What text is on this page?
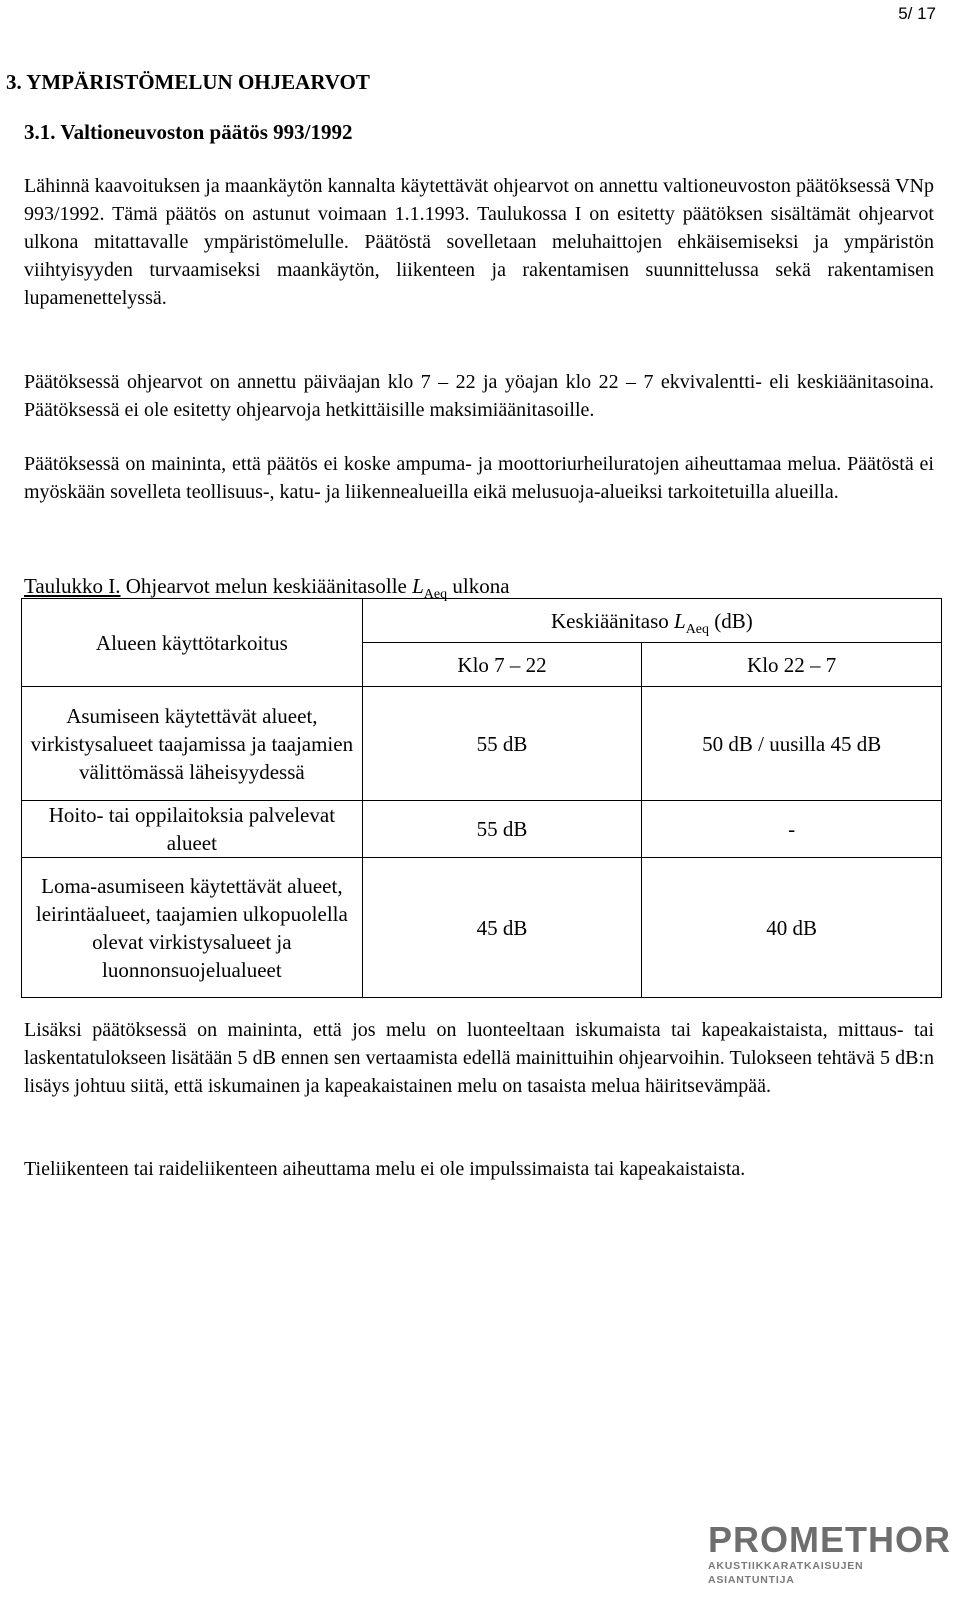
5/ 17
3. YMPÄRISTÖMELUN OHJEARVOT
3.1. Valtioneuvoston päätös 993/1992

Lähinnä kaavoituksen ja maankäytön kannalta käytettävät ohjearvot on annettu valtioneuvoston päätöksessä VNp 993/1992. Tämä päätös on astunut voimaan 1.1.1993. Taulukossa I on esitetty päätöksen sisältämät ohjearvot ulkona mitattavalle ympäristömelulle. Päätöstä sovelletaan meluhaittojen ehkäisemiseksi ja ympäristön viihtyisyyden turvaamiseksi maankäytön, liikenteen ja rakentamisen suunnittelussa sekä rakentamisen lupamenettelyssä.

Päätöksessä ohjearvot on annettu päiväajan klo 7 – 22 ja yöajan klo 22 – 7 ekvivalentti- eli keskiäänitasoina. Päätöksessä ei ole esitetty ohjearvoja hetkittäisille maksimiäänitasoille.

Päätöksessä on maininta, että päätös ei koske ampuma- ja moottoriurheiluratojen aiheuttamaa melua. Päätöstä ei myöskään sovelleta teollisuus-, katu- ja liikennealueilla eikä melusuoja-alueiksi tarkoitetuilla alueilla.

Taulukko I. Ohjearvot melun keskiäänitasolle $L_{Aeq}$ ulkona
Alueen käyttötarkoitus	Keskiäänitaso $L_{Aeq}$ (dB)	
	Klo 7 – 22	Klo 22 – 7
Asumiseen käytettävät alueet, virkistysalueet taajamissa ja taajamien välittömässä läheisyydessä	55 dB	50 dB / uusilla 45 dB
Hoito- tai oppilaitoksia palvelevat alueet	55 dB	-
Loma-asumiseen käytettävät alueet, leirintäalueet, taajamien ulkopuolella olevat virkistysalueet ja luonnonsuojelualueet	45 dB	40 dB

Lisäksi päätöksessä on maininta, että jos melu on luonteeltaan iskumaista tai kapeakaistaista, mittaus- tai laskentatulokseen lisätään 5 dB ennen sen vertaamista edellä mainittuihin ohjearvoihin. Tulokseen tehtävä 5 dB:n lisäys johtuu siitä, että iskumainen ja kapeakaistainen melu on tasaista melua häiritsevämpää.

Tieliikenteen tai raideliikenteen aiheuttama melu ei ole impulssimaista tai kapeakaistaista.

PROMETHOR
AKUSTIIKKARATKAISUJEN ASIANTUNTIJA
